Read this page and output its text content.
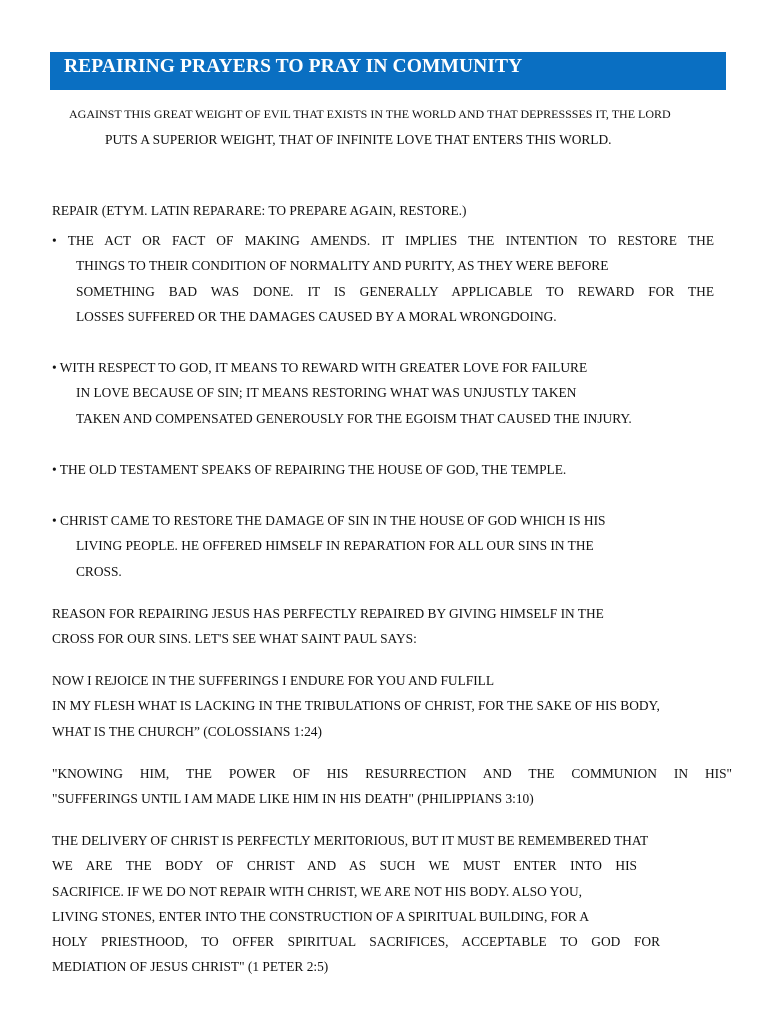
REPAIRING PRAYERS TO PRAY IN COMMUNITY
AGAINST THIS GREAT WEIGHT OF EVIL THAT EXISTS IN THE WORLD AND THAT DEPRESSSES IT, THE LORD
PUTS A SUPERIOR WEIGHT, THAT OF INFINITE LOVE THAT ENTERS THIS WORLD.
REPAIR (ETYM. LATIN REPARARE: TO PREPARE AGAIN, RESTORE.)
• THE ACT OR FACT OF MAKING AMENDS. IT IMPLIES THE INTENTION TO RESTORE THE
THINGS TO THEIR CONDITION OF NORMALITY AND PURITY, AS THEY WERE BEFORE
SOMETHING BAD WAS DONE. IT IS GENERALLY APPLICABLE TO REWARD FOR THE
LOSSES SUFFERED OR THE DAMAGES CAUSED BY A MORAL WRONGDOING.
• WITH RESPECT TO GOD, IT MEANS TO REWARD WITH GREATER LOVE FOR FAILURE
IN LOVE BECAUSE OF SIN; IT MEANS RESTORING WHAT WAS UNJUSTLY TAKEN
TAKEN AND COMPENSATED GENEROUSLY FOR THE EGOISM THAT CAUSED THE INJURY.
• THE OLD TESTAMENT SPEAKS OF REPAIRING THE HOUSE OF GOD, THE TEMPLE.
• CHRIST CAME TO RESTORE THE DAMAGE OF SIN IN THE HOUSE OF GOD WHICH IS HIS
LIVING PEOPLE. HE OFFERED HIMSELF IN REPARATION FOR ALL OUR SINS IN THE
CROSS.
REASON FOR REPAIRING JESUS HAS PERFECTLY REPAIRED BY GIVING HIMSELF IN THE
CROSS FOR OUR SINS. LET'S SEE WHAT SAINT PAUL SAYS:
NOW I REJOICE IN THE SUFFERINGS I ENDURE FOR YOU AND FULFILL
IN MY FLESH WHAT IS LACKING IN THE TRIBULATIONS OF CHRIST, FOR THE SAKE OF HIS BODY,
WHAT IS THE CHURCH” (COLOSSIANS 1:24)
"KNOWING HIM, THE POWER OF HIS RESURRECTION AND THE COMMUNION IN HIS"
"SUFFERINGS UNTIL I AM MADE LIKE HIM IN HIS DEATH" (PHILIPPIANS 3:10)
THE DELIVERY OF CHRIST IS PERFECTLY MERITORIOUS, BUT IT MUST BE REMEMBERED THAT
WE ARE THE BODY OF CHRIST AND AS SUCH WE MUST ENTER INTO HIS
SACRIFICE. IF WE DO NOT REPAIR WITH CHRIST, WE ARE NOT HIS BODY. ALSO YOU,
LIVING STONES, ENTER INTO THE CONSTRUCTION OF A SPIRITUAL BUILDING, FOR A
HOLY PRIESTHOOD, TO OFFER SPIRITUAL SACRIFICES, ACCEPTABLE TO GOD FOR
MEDIATION OF JESUS CHRIST" (1 PETER 2:5)
